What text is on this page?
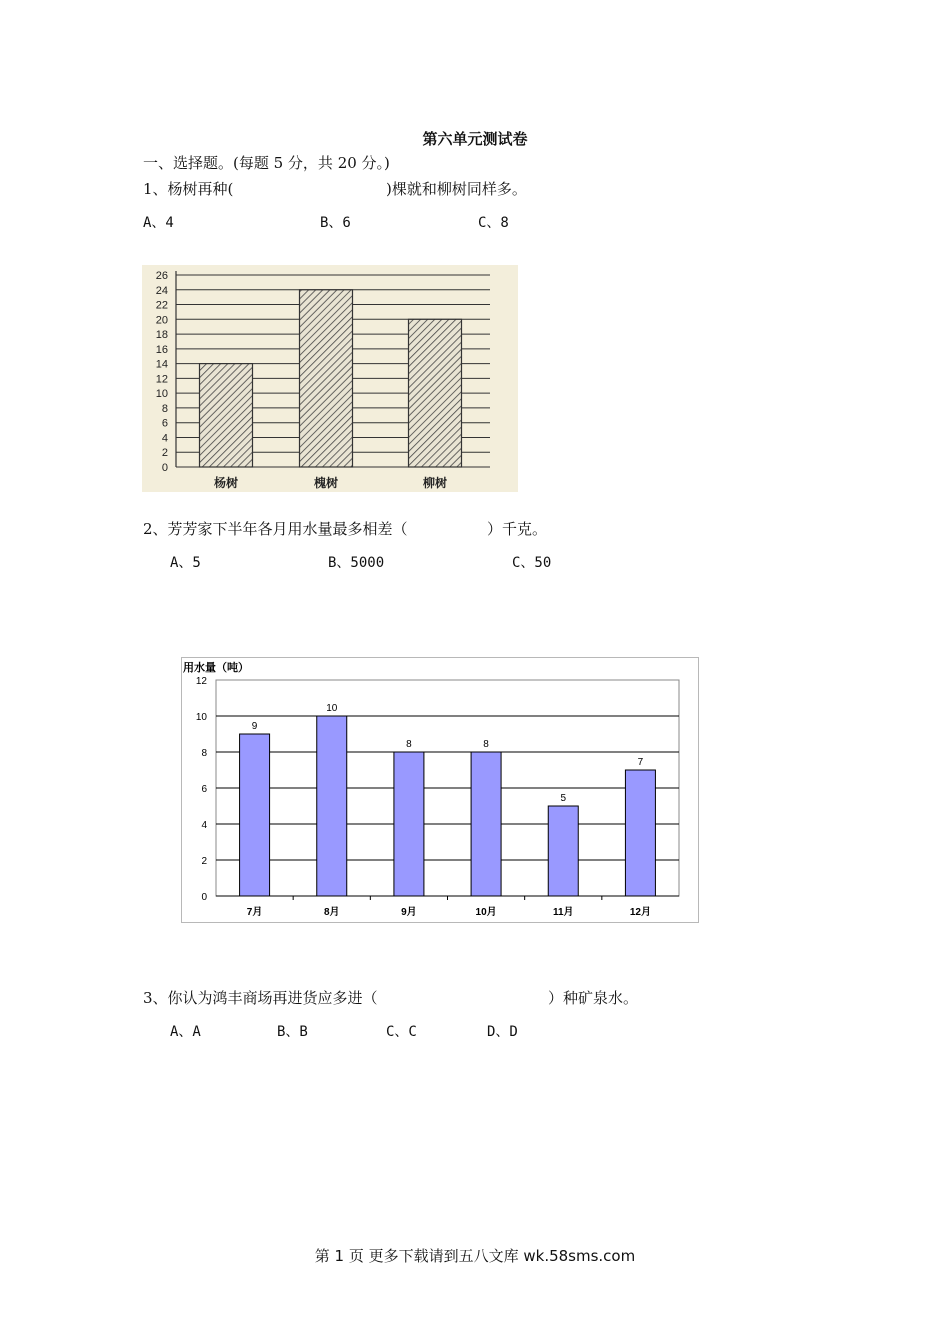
第六单元测试卷
一、选择题。(每题 5 分，共 20 分。)
1、杨树再种(	)棵就和柳树同样多。
A、4	B、6	C、8
0
2
4
6
8
10
12
14
16
18
20
22
24
26
杨树	槐树	柳树
2、芳芳家下半年各月用水量最多相差（	）千克。
A、5	B、5000	C、50
用水量（吨）
0
2
4
6
8
10
12
7月	8月	9月	10月	11月	12月
9
10
8	8
5
7
3、你认为鸿丰商场再进货应多进（	）种矿泉水。
A、A	B、B	C、C	D、D
第 1 页 更多下载请到五八文库 wk.58sms.com
